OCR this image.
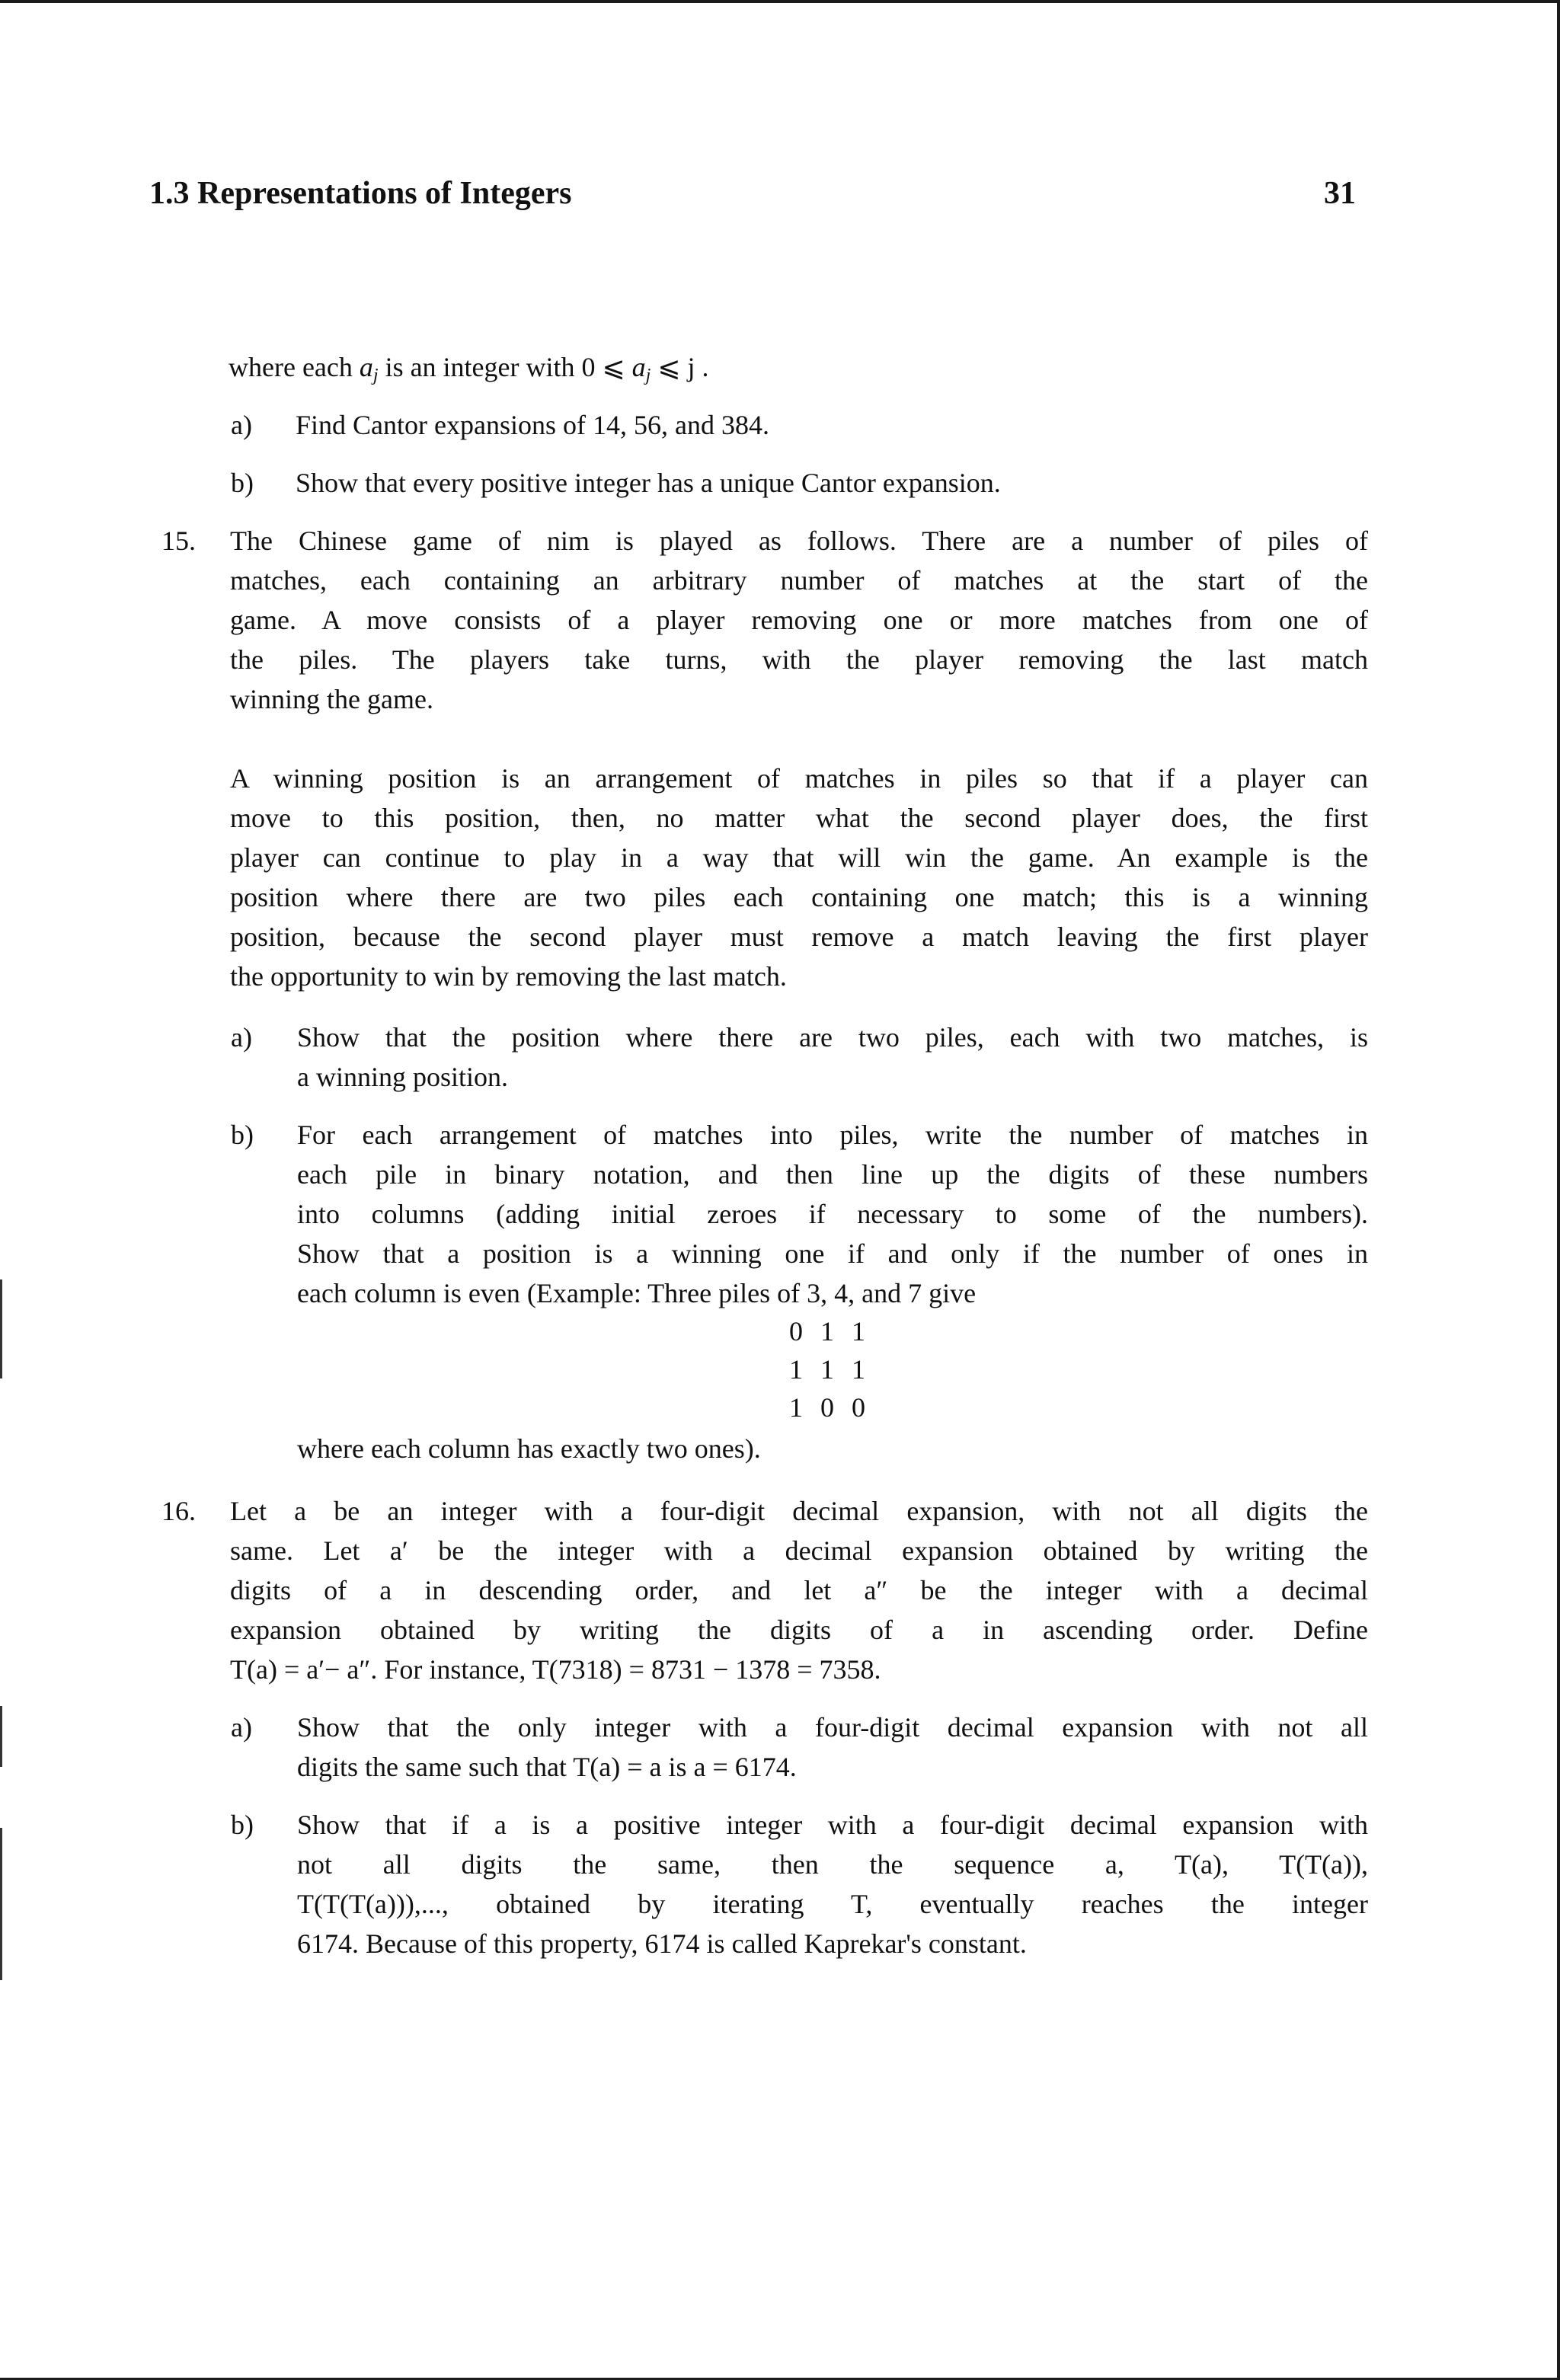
1.3 Representations of Integers	31
where each $a_j$ is an integer with 0 ⩽ $a_j$ ⩽ j .
a) Find Cantor expansions of 14, 56, and 384.
b) Show that every positive integer has a unique Cantor expansion.
15. The Chinese game of nim is played as follows. There are a number of piles of
matches, each containing an arbitrary number of matches at the start of the
game. A move consists of a player removing one or more matches from one of
the piles. The players take turns, with the player removing the last match
winning the game.
A winning position is an arrangement of matches in piles so that if a player can
move to this position, then, no matter what the second player does, the first
player can continue to play in a way that will win the game. An example is the
position where there are two piles each containing one match; this is a winning
position, because the second player must remove a match leaving the first player
the opportunity to win by removing the last match.
a) Show that the position where there are two piles, each with two matches, is
a winning position.
b) For each arrangement of matches into piles, write the number of matches in
each pile in binary notation, and then line up the digits of these numbers
into columns (adding initial zeroes if necessary to some of the numbers).
Show that a position is a winning one if and only if the number of ones in
each column is even (Example: Three piles of 3, 4, and 7 give
0 1 1
1 1 1
1 0 0
where each column has exactly two ones).
16. Let a be an integer with a four-digit decimal expansion, with not all digits the
same. Let a′ be the integer with a decimal expansion obtained by writing the
digits of a in descending order, and let a″ be the integer with a decimal
expansion obtained by writing the digits of a in ascending order. Define
T(a) = a′− a″. For instance, T(7318) = 8731 − 1378 = 7358.
a) Show that the only integer with a four-digit decimal expansion with not all
digits the same such that T(a) = a is a = 6174.
b) Show that if a is a positive integer with a four-digit decimal expansion with
not all digits the same, then the sequence a, T(a), T(T(a)),
T(T(T(a))),..., obtained by iterating T, eventually reaches the integer
6174. Because of this property, 6174 is called Kaprekar's constant.
